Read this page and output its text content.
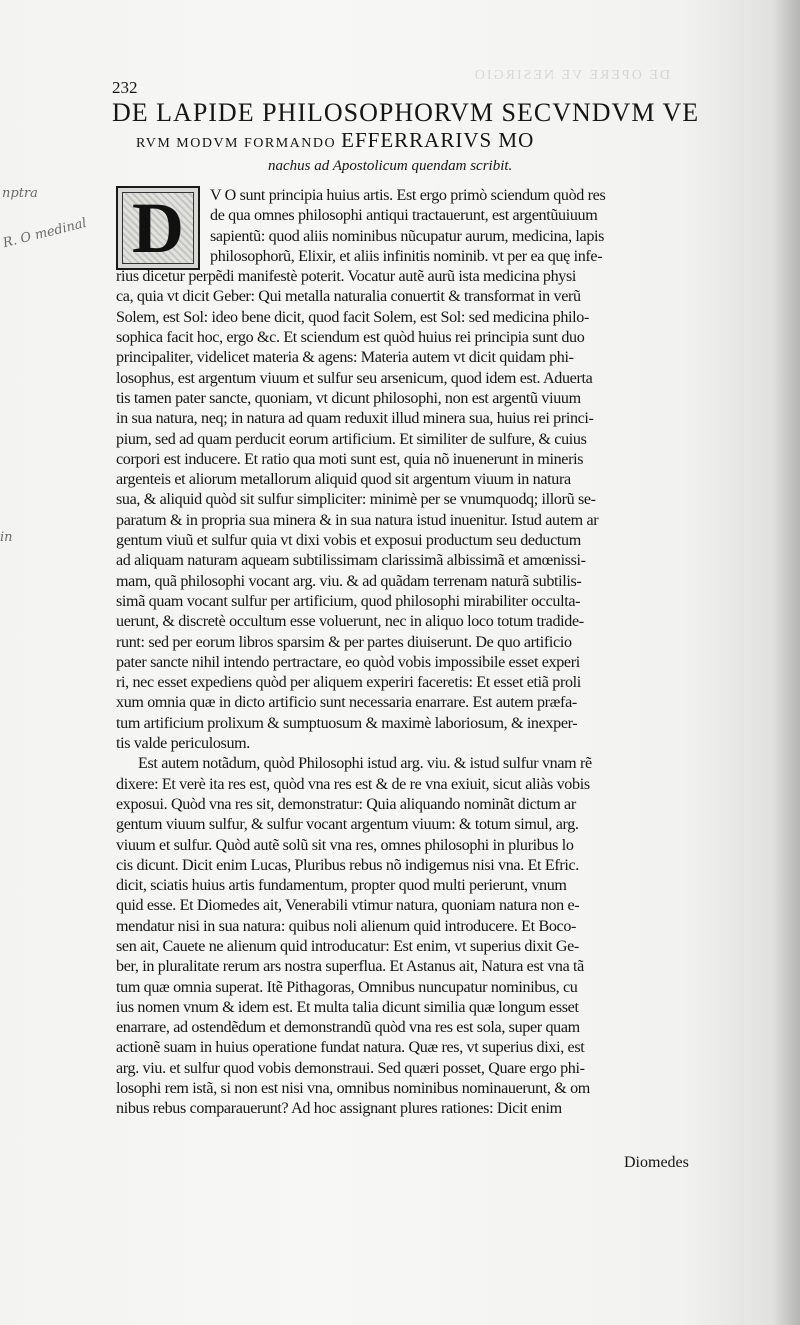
DE OPERE VE NESIRGIO
nptra
R. O medinal
in
232
DE LAPIDE PHILOSOPHORVM SECVNDVM VE
RVM MODVM FORMANDO EFFERRARIVS MO
nachus ad Apostolicum quendam scribit.
D	V O sunt principia huius artis. Est ergo primò sciendum quòd res
de qua omnes philosophi antiqui tractauerunt, est argentũuiuum
sapientũ: quod aliis nominibus nũcupatur aurum, medicina, lapis
philosophorũ, Elixir, et aliis infinitis nominib. vt per ea quę infe-
rius dicetur perpẽdi manifestè poterit. Vocatur autẽ aurũ ista medicina physi
ca, quia vt dicit Geber: Qui metalla naturalia conuertit & transformat in verũ
Solem, est Sol: ideo bene dicit, quod facit Solem, est Sol: sed medicina philo-
sophica facit hoc, ergo &c. Et sciendum est quòd huius rei principia sunt duo
principaliter, videlicet materia & agens: Materia autem vt dicit quidam phi-
losophus, est argentum viuum et sulfur seu arsenicum, quod idem est. Aduerta
tis tamen pater sancte, quoniam, vt dicunt philosophi, non est argentũ viuum
in sua natura, neq; in natura ad quam reduxit illud minera sua, huius rei princi-
pium, sed ad quam perducit eorum artificium. Et similiter de sulfure, & cuius
corpori est inducere. Et ratio qua moti sunt est, quia nõ inuenerunt in mineris
argenteis et aliorum metallorum aliquid quod sit argentum viuum in natura
sua, & aliquid quòd sit sulfur simpliciter: minimè per se vnumquodq; illorũ se-
paratum & in propria sua minera & in sua natura istud inuenitur. Istud autem ar
gentum viuũ et sulfur quia vt dixi vobis et exposui productum seu deductum
ad aliquam naturam aqueam subtilissimam clarissimã albissimã et amœnissi-
mam, quã philosophi vocant arg. viu. & ad quãdam terrenam naturã subtilis-
simã quam vocant sulfur per artificium, quod philosophi mirabiliter occulta-
uerunt, & discretè occultum esse voluerunt, nec in aliquo loco totum tradide-
runt: sed per eorum libros sparsim & per partes diuiserunt. De quo artificio
pater sancte nihil intendo pertractare, eo quòd vobis impossibile esset experi
ri, nec esset expediens quòd per aliquem experiri faceretis: Et esset etiã proli
xum omnia quæ in dicto artificio sunt necessaria enarrare. Est autem præfa-
tum artificium prolixum & sumptuosum & maximè laboriosum, & inexper-
tis valde periculosum.
Est autem notãdum, quòd Philosophi istud arg. viu. & istud sulfur vnam rẽ
dixere: Et verè ita res est, quòd vna res est & de re vna exiuit, sicut aliàs vobis
exposui. Quòd vna res sit, demonstratur: Quia aliquando nominãt dictum ar
gentum viuum sulfur, & sulfur vocant argentum viuum: & totum simul, arg.
viuum et sulfur. Quòd autẽ solũ sit vna res, omnes philosophi in pluribus lo
cis dicunt. Dicit enim Lucas, Pluribus rebus nõ indigemus nisi vna. Et Efric.
dicit, sciatis huius artis fundamentum, propter quod multi perierunt, vnum
quid esse. Et Diomedes ait, Venerabili vtimur natura, quoniam natura non e-
mendatur nisi in sua natura: quibus noli alienum quid introducere. Et Boco-
sen ait, Cauete ne alienum quid introducatur: Est enim, vt superius dixit Ge-
ber, in pluralitate rerum ars nostra superflua. Et Astanus ait, Natura est vna tã
tum quæ omnia superat. Itẽ Pithagoras, Omnibus nuncupatur nominibus, cu
ius nomen vnum & idem est. Et multa talia dicunt similia quæ longum esset
enarrare, ad ostendẽdum et demonstrandũ quòd vna res est sola, super quam
actionẽ suam in huius operatione fundat natura. Quæ res, vt superius dixi, est
arg. viu. et sulfur quod vobis demonstraui. Sed quæri posset, Quare ergo phi-
losophi rem istã, si non est nisi vna, omnibus nominibus nominauerunt, & om
nibus rebus comparauerunt? Ad hoc assignant plures rationes: Dicit enim
Diomedes
